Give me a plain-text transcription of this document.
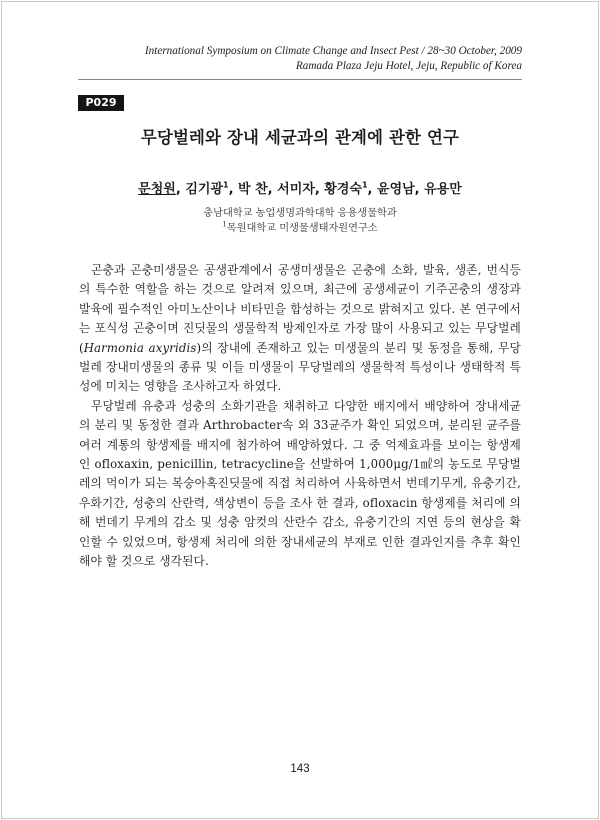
International Symposium on Climate Change and Insect Pest / 28~30 October, 2009
Ramada Plaza Jeju Hotel, Jeju, Republic of Korea
P029
무당벌레와 장내 세균과의 관계에 관한 연구
문청원, 김기광$^1$, 박 찬, 서미자, 황경숙$^1$, 윤영남, 유용만
충남대학교 농업생명과학대학 응용생물학과
$^1$목원대학교 미생물생태자원연구소

곤충과 곤충미생물은 공생관계에서 공생미생물은 곤충에 소화, 발육, 생존, 번식등의 특수한 역할을 하는 것으로 알려져 있으며, 최근에 공생세균이 기주곤충의 생장과 발육에 필수적인 아미노산이나 비타민을 합성하는 것으로 밝혀지고 있다. 본 연구에서는 포식성 곤충이며 진딧물의 생물학적 방제인자로 가장 많이 사용되고 있는 무당벌레(Harmonia axyridis)의 장내에 존재하고 있는 미생물의 분리 및 동정을 통해, 무당벌레 장내미생물의 종류 및 이들 미생물이 무당벌레의 생물학적 특성이나 생태학적 특성에 미치는 영향을 조사하고자 하였다.

무당벌레 유충과 성충의 소화기관을 채취하고 다양한 배지에서 배양하여 장내세균의 분리 및 동정한 결과 Arthrobacter속 외 33균주가 확인 되었으며, 분리된 균주를 여러 계통의 항생제를 배지에 첨가하여 배양하였다. 그 중 억제효과를 보이는 항생제인 ofloxaxin, penicillin, tetracycline을 선발하여 1,000μg/1㎖의 농도로 무당벌레의 먹이가 되는 복숭아혹진딧물에 직접 처리하여 사육하면서 번데기무게, 유충기간, 우화기간, 성충의 산란력, 색상변이 등을 조사 한 결과, ofloxacin 항생제를 처리에 의해 번데기 무게의 감소 및 성충 암컷의 산란수 감소, 유충기간의 지연 등의 현상을 확인할 수 있었으며, 항생제 처리에 의한 장내세균의 부재로 인한 결과인지를 추후 확인해야 할 것으로 생각된다.

143
